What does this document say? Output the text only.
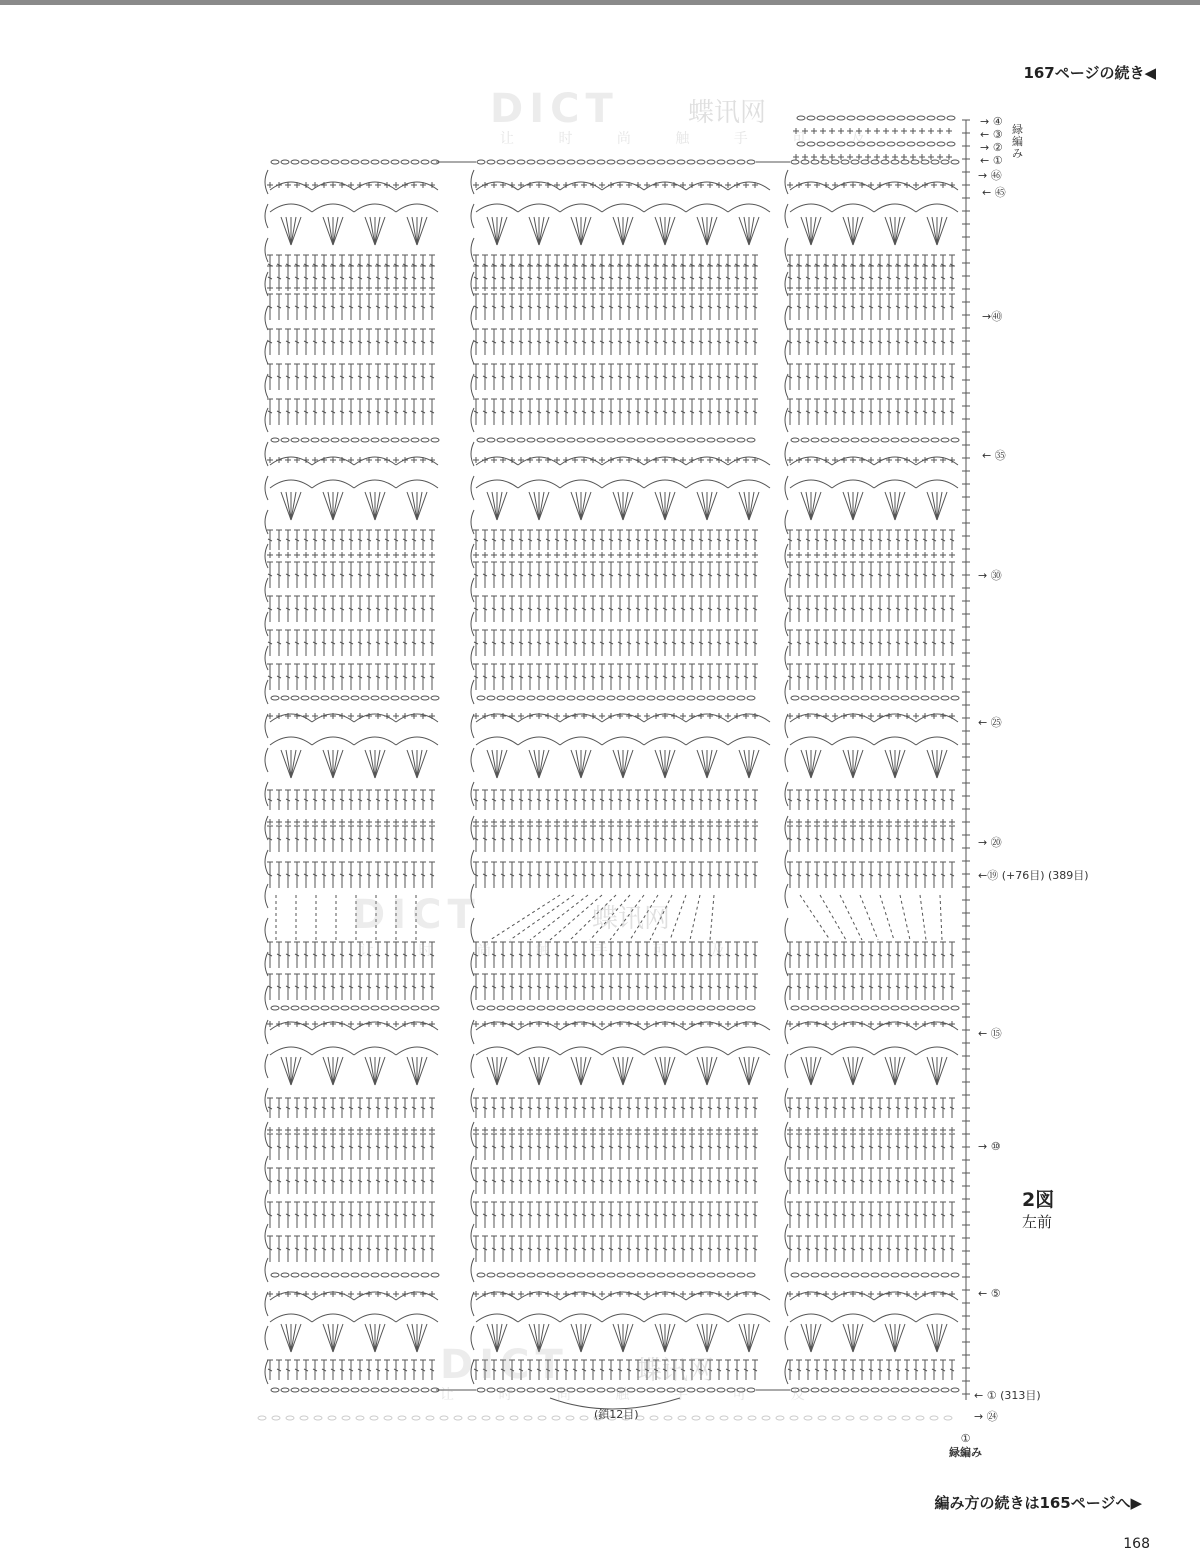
167ページの続き◀
緑編み
→ ④
← ③
→ ②
← ①
→ ㊻
← ㊺
→㊵
← ㉟
→ ㉚
← ㉕
→ ⑳
←⑲ (+76目) (389目)
← ⑮
→ ⑩
← ⑤
← ① (313目)
→ ㉔
(鎖12目)
①
緑編み
2図
左前
DICT	蝶讯网
让 时 尚 触 手 可 及
DICT	蝶讯网
让 时 尚 触 手 可 及
DICT	蝶讯网
让 时 尚 触 手 可 及
編み方の続きは165ページへ▶
168
